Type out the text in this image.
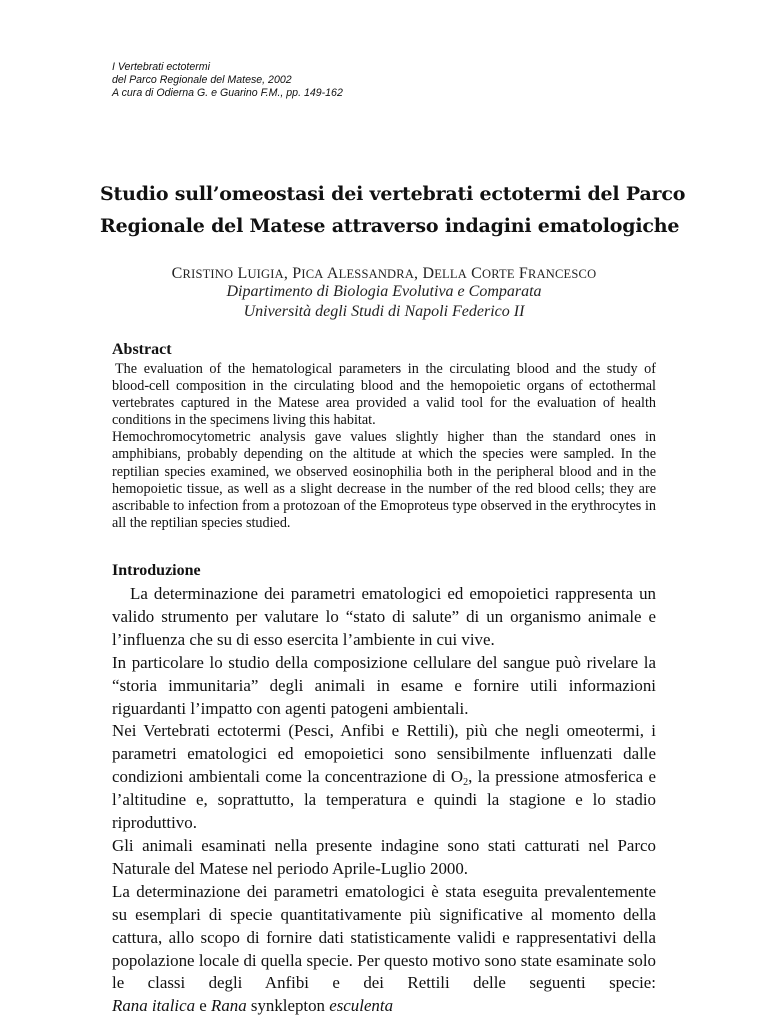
I Vertebrati ectotermi
del Parco Regionale del Matese, 2002
A cura di Odierna G. e Guarino F.M., pp. 149-162
Studio sull’omeostasi dei vertebrati ectotermi del Parco
Regionale del Matese attraverso indagini ematologiche
CRISTINO LUIGIA, PICA ALESSANDRA, DELLA CORTE FRANCESCO
Dipartimento di Biologia Evolutiva e Comparata
Università degli Studi di Napoli Federico II
Abstract

The evaluation of the hematological parameters in the circulating blood and the study of blood-cell composition in the circulating blood and the hemopoietic organs of ectothermal vertebrates captured in the Matese area provided a valid tool for the evaluation of health conditions in the specimens living this habitat.

Hemochromocytometric analysis gave values slightly higher than the standard ones in amphibians, probably depending on the altitude at which the species were sampled. In the reptilian species examined, we observed eosinophilia both in the peripheral blood and in the hemopoietic tissue, as well as a slight decrease in the number of the red blood cells; they are ascribable to infection from a protozoan of the Emoproteus type observed in the erythrocytes in all the reptilian species studied.

Introduzione

La determinazione dei parametri ematologici ed emopoietici rappresenta un valido strumento per valutare lo “stato di salute” di un organismo animale e l’influenza che su di esso esercita l’ambiente in cui vive.

In particolare lo studio della composizione cellulare del sangue può rivelare la “storia immunitaria” degli animali in esame e fornire utili informazioni riguardanti l’impatto con agenti patogeni ambientali.

Nei Vertebrati ectotermi (Pesci, Anfibi e Rettili), più che negli omeotermi, i parametri ematologici ed emopoietici sono sensibilmente influenzati dalle condizioni ambientali come la concentrazione di $O_2$, la pressione atmosferica e l’altitudine e, soprattutto, la temperatura e quindi la stagione e lo stadio riproduttivo.

Gli animali esaminati nella presente indagine sono stati catturati nel Parco Naturale del Matese nel periodo Aprile-Luglio 2000.

La determinazione dei parametri ematologici è stata eseguita prevalentemente su esemplari di specie quantitativamente più significative al momento della cattura, allo scopo di fornire dati statisticamente validi e rappresentativi della popolazione locale di quella specie. Per questo motivo sono state esaminate solo le classi degli Anfibi e dei Rettili delle seguenti specie: Rana italica e Rana synklepton esculenta
